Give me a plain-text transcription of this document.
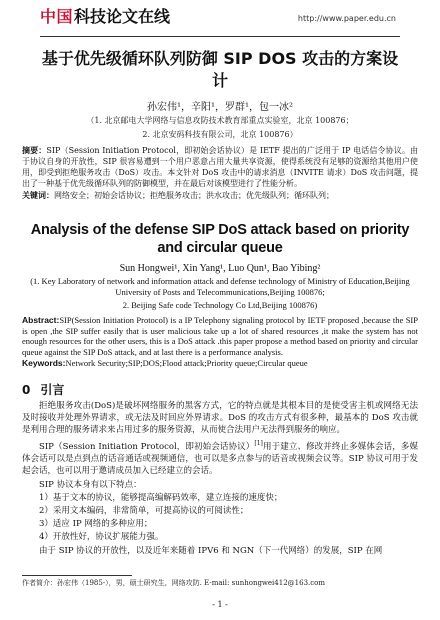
中国 科技论文在线	http://www.paper.edu.cn
基于优先级循环队列防御 SIP DOS 攻击的方案设计
孙宏伟¹，辛阳¹，罗群¹，包一冰²
（1. 北京邮电大学网络与信息攻防技术教育部重点实验室，北京 100876；
2. 北京安码科技有限公司，北京 100876）
摘要：SIP（Session Initiation Protocol，即初始会话协议）是 IETF 提出的广泛用于 IP 电话信令协议。由于协议自身的开放性，SIP 很容易遭到一个用户恶意占用大量共享资源，使得系统没有足够的资源给其他用户使用，即受到拒绝服务攻击（DoS）攻击。本文针对 DoS 攻击中的请求消息（INVITE 请求）DoS 攻击问题，提出了一种基于优先级循环队列的防御模型，并在最后对该模型进行了性能分析。
关键词：网络安全；初始会话协议；拒绝服务攻击；洪水攻击；优先级队列；循环队列；
Analysis of the defense SIP DoS attack based on priority and circular queue
Sun Hongwei¹, Xin Yang¹, Luo Qun¹, Bao Yibing²
(1. Key Laboratory of network and information attack and defense technology of Ministry of Education,Beijing University of Posts and Telecommunications,Beijing 100876;
2. Beijing Safe code Technology Co Ltd,Beijing 100876)
Abstract:SIP(Session Initiation Protocol) is a IP Telephony signaling protocol by IETF proposed ,because the SIP is open ,the SIP suffer easily that is user malicious take up a lot of shared resources ,it make the system has not enough resources for the other users, this is a DoS attack .this paper propose a method based on priority and circular queue against the SIP DoS attack, and at last there is a performance analysis.
Keywords:Network Security;SIP;DOS;Flood attack;Priority queue;Circular queue
0 引言

拒绝服务攻击(DoS)是破坏网络服务的黑客方式，它的特点就是其根本目的是使受害主机或网络无法及时接收并处理外界请求，或无法及时回应外界请求。DoS 的攻击方式有很多种，最基本的 DoS 攻击就是利用合理的服务请求来占用过多的服务资源，从而使合法用户无法得到服务的响应。

SIP（Session Initiation Protocol，即初始会话协议）[1]用于建立、修改并终止多媒体会话，多媒体会话可以是点到点的话音通话或视频通信，也可以是多点参与的话音或视频会议等。SIP 协议可用于发起会话，也可以用于邀请成员加入已经建立的会话。

SIP 协议本身有以下特点：

1）基于文本的协议，能够提高编解码效率，建立连接的速度快；

2）采用文本编码，非常简单，可提高协议的可阅读性；

3）适应 IP 网络的多种应用；

4）开放性好，协议扩展能力强。

由于 SIP 协议的开放性，以及近年来随着 IPV6 和 NGN（下一代网络）的发展，SIP 在网

作者简介：孙宏伟（1985-），男，硕士研究生，网络攻防. E-mail: sunhongwei412@163.com
- 1 -
